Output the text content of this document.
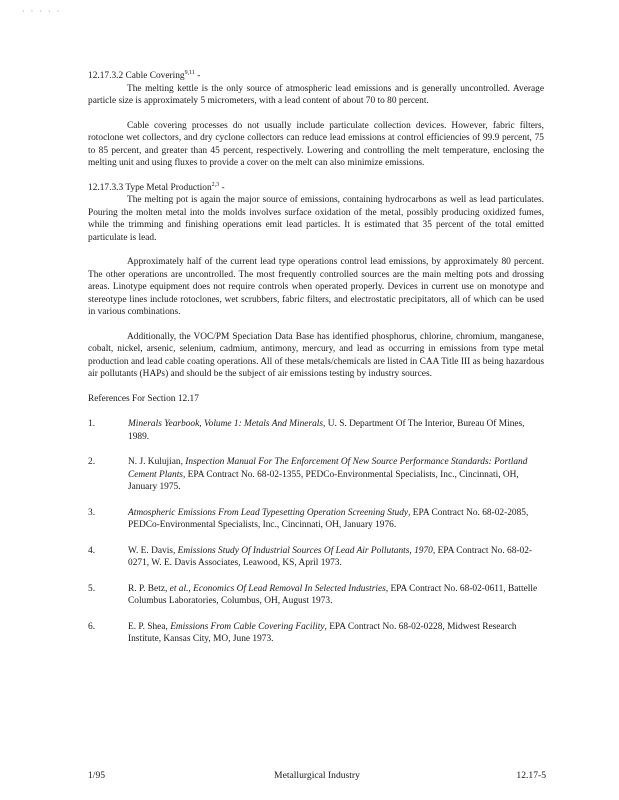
· · · · ·
12.17.3.2 Cable Covering$^{9,11}$ -

The melting kettle is the only source of atmospheric lead emissions and is generally uncontrolled. Average particle size is approximately 5 micrometers, with a lead content of about 70 to 80 percent.

Cable covering processes do not usually include particulate collection devices. However, fabric filters, rotoclone wet collectors, and dry cyclone collectors can reduce lead emissions at control efficiencies of 99.9 percent, 75 to 85 percent, and greater than 45 percent, respectively. Lowering and controlling the melt temperature, enclosing the melting unit and using fluxes to provide a cover on the melt can also minimize emissions.

12.17.3.3 Type Metal Production$^{2,3}$ -

The melting pot is again the major source of emissions, containing hydrocarbons as well as lead particulates. Pouring the molten metal into the molds involves surface oxidation of the metal, possibly producing oxidized fumes, while the trimming and finishing operations emit lead particles. It is estimated that 35 percent of the total emitted particulate is lead.

Approximately half of the current lead type operations control lead emissions, by approximately 80 percent. The other operations are uncontrolled. The most frequently controlled sources are the main melting pots and drossing areas. Linotype equipment does not require controls when operated properly. Devices in current use on monotype and stereotype lines include rotoclones, wet scrubbers, fabric filters, and electrostatic precipitators, all of which can be used in various combinations.

Additionally, the VOC/PM Speciation Data Base has identified phosphorus, chlorine, chromium, manganese, cobalt, nickel, arsenic, selenium, cadmium, antimony, mercury, and lead as occurring in emissions from type metal production and lead cable coating operations. All of these metals/chemicals are listed in CAA Title III as being hazardous air pollutants (HAPs) and should be the subject of air emissions testing by industry sources.

References For Section 12.17
1.	Minerals Yearbook, Volume 1: Metals And Minerals, U. S. Department Of The Interior, Bureau Of Mines, 1989.
2.	N. J. Kulujian, Inspection Manual For The Enforcement Of New Source Performance Standards: Portland Cement Plants, EPA Contract No. 68-02-1355, PEDCo-Environmental Specialists, Inc., Cincinnati, OH, January 1975.
3.	Atmospheric Emissions From Lead Typesetting Operation Screening Study, EPA Contract No. 68-02-2085, PEDCo-Environmental Specialists, Inc., Cincinnati, OH, January 1976.
4.	W. E. Davis, Emissions Study Of Industrial Sources Of Lead Air Pollutants, 1970, EPA Contract No. 68-02-0271, W. E. Davis Associates, Leawood, KS, April 1973.
5.	R. P. Betz, et al., Economics Of Lead Removal In Selected Industries, EPA Contract No. 68-02-0611, Battelle Columbus Laboratories, Columbus, OH, August 1973.
6.	E. P. Shea, Emissions From Cable Covering Facility, EPA Contract No. 68-02-0228, Midwest Research Institute, Kansas City, MO, June 1973.
1/95	Metallurgical Industry	12.17-5
